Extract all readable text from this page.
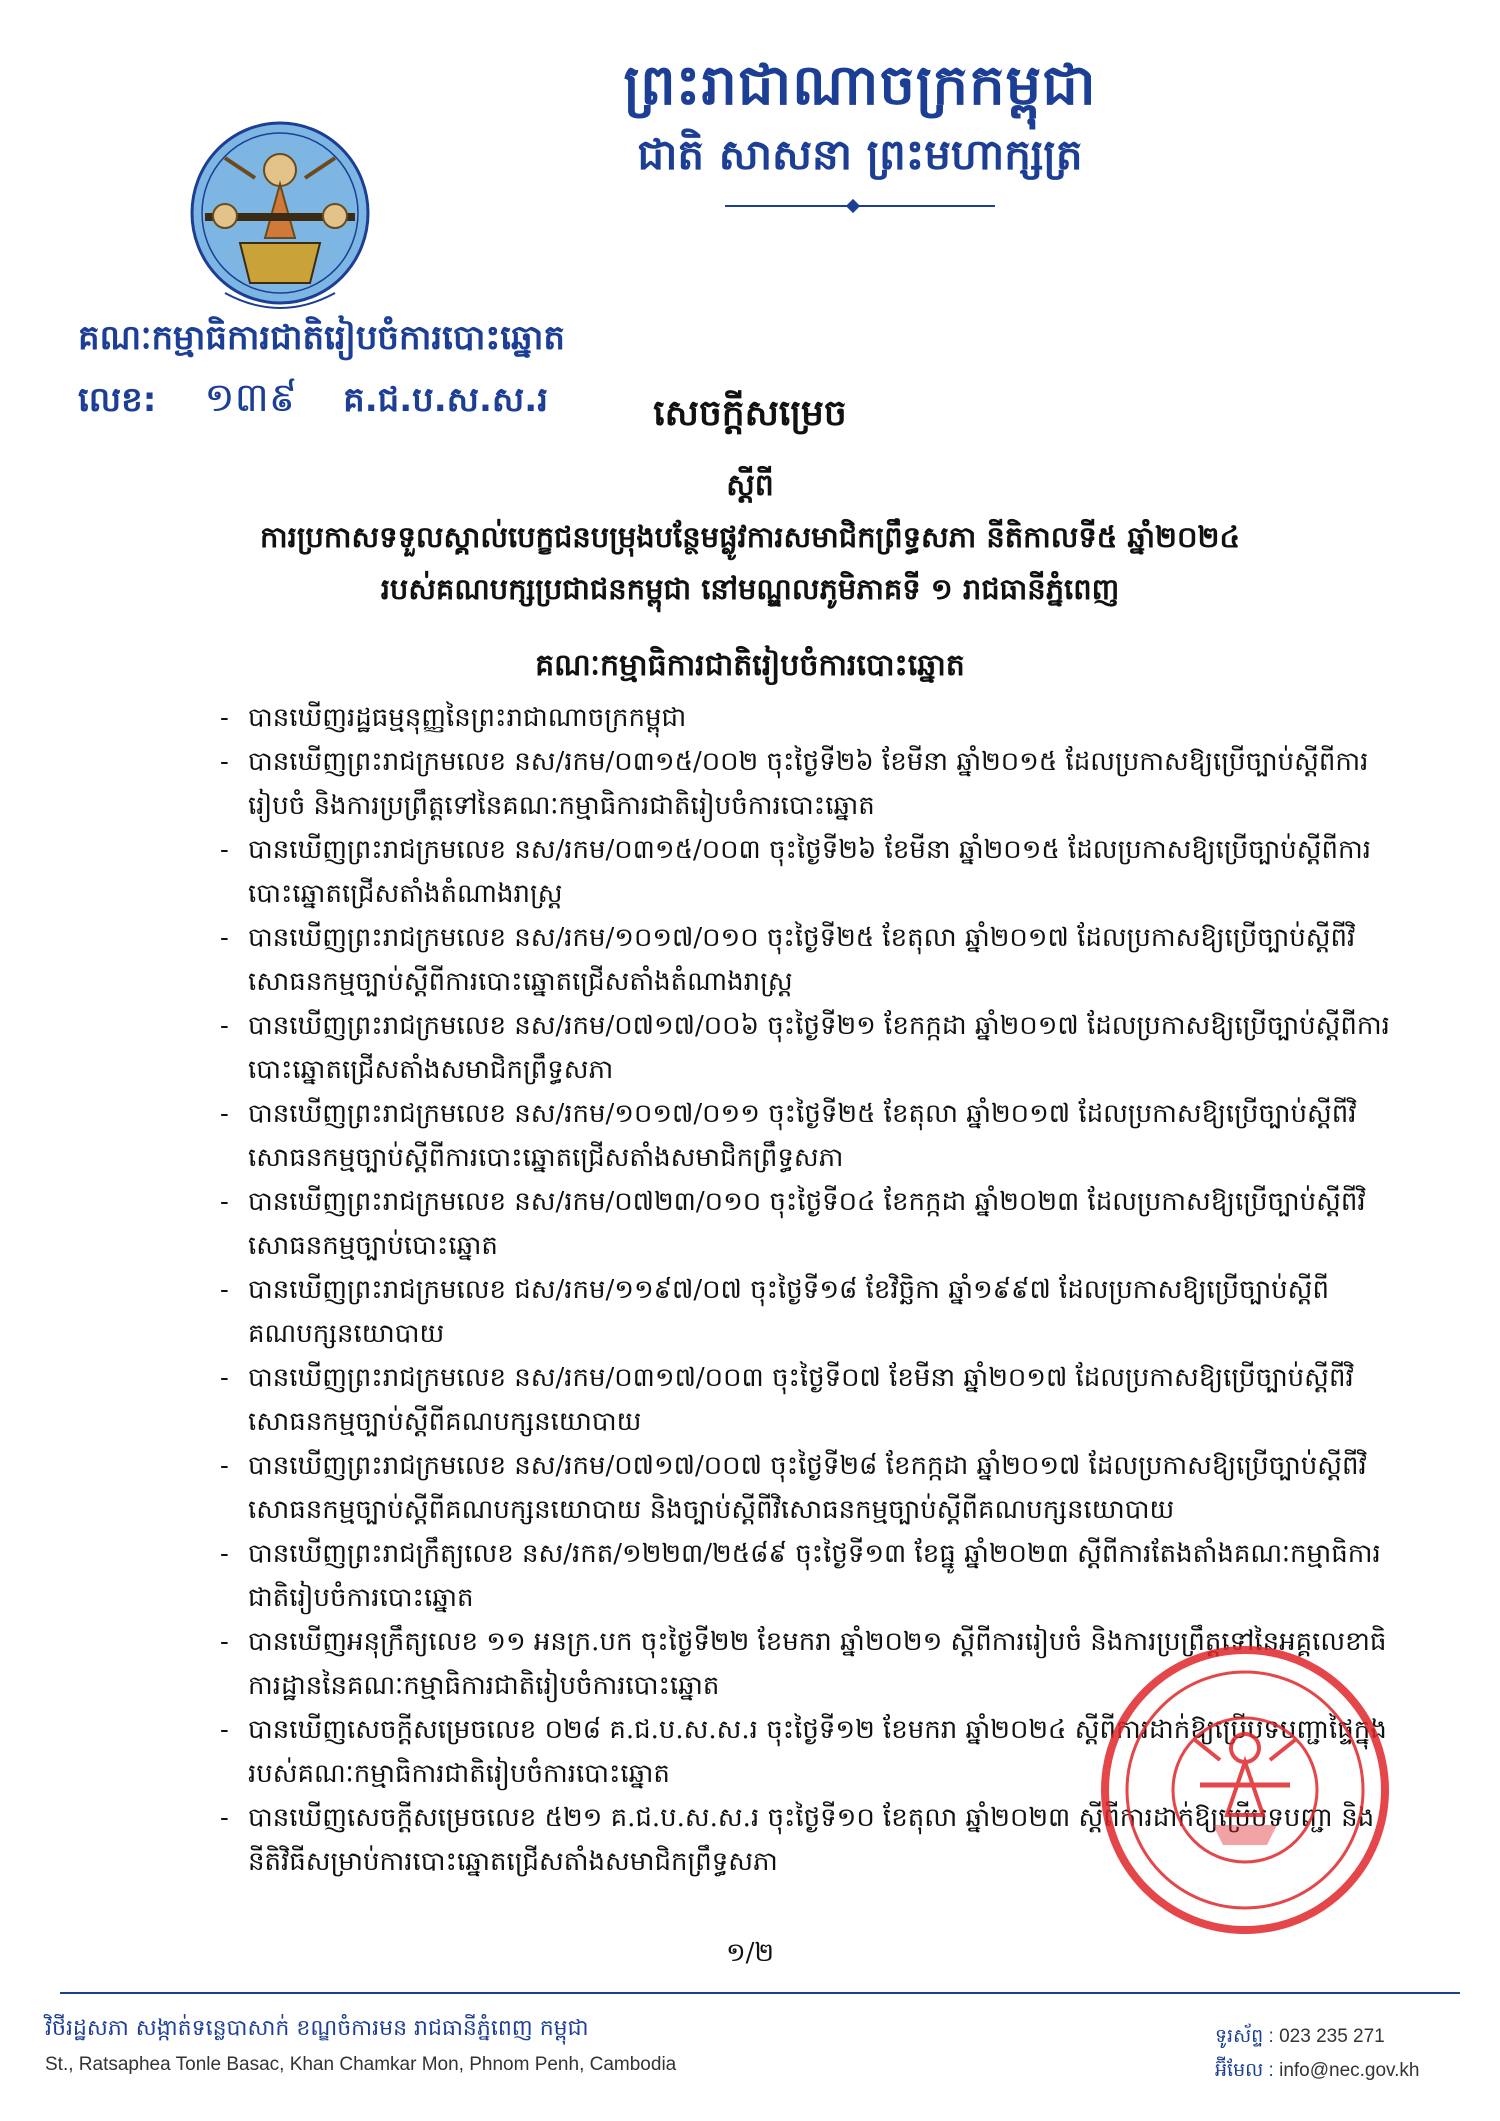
ព្រះរាជាណាចក្រកម្ពុជា
ជាតិ សាសនា ព្រះមហាក្សត្រ
គណៈកម្មាធិការជាតិរៀបចំការបោះឆ្នោត
លេខ: ១៣៩ គ.ជ.ប.ស.ស.រ	សេចក្តីសម្រេច
ស្តីពី
ការប្រកាសទទួលស្គាល់បេក្ខជនបម្រុងបន្ថែមផ្លូវការសមាជិកព្រឹទ្ធសភា នីតិកាលទី៥ ឆ្នាំ២០២៤
របស់គណបក្សប្រជាជនកម្ពុជា នៅមណ្ឌលភូមិភាគទី ១ រាជធានីភ្នំពេញ
គណៈកម្មាធិការជាតិរៀបចំការបោះឆ្នោត
- បានឃើញរដ្ឋធម្មនុញ្ញនៃព្រះរាជាណាចក្រកម្ពុជា
- បានឃើញព្រះរាជក្រមលេខ នស/រកម/០៣១៥/០០២ ចុះថ្ងៃទី២៦ ខែមីនា ឆ្នាំ២០១៥ ដែលប្រកាសឱ្យប្រើច្បាប់ស្តីពីការរៀបចំ និងការប្រព្រឹត្តទៅនៃគណៈកម្មាធិការជាតិរៀបចំការបោះឆ្នោត
- បានឃើញព្រះរាជក្រមលេខ នស/រកម/០៣១៥/០០៣ ចុះថ្ងៃទី២៦ ខែមីនា ឆ្នាំ២០១៥ ដែលប្រកាសឱ្យប្រើច្បាប់ស្តីពីការបោះឆ្នោតជ្រើសតាំងតំណាងរាស្ត្រ
- បានឃើញព្រះរាជក្រមលេខ នស/រកម/១០១៧/០១០ ចុះថ្ងៃទី២៥ ខែតុលា ឆ្នាំ២០១៧ ដែលប្រកាសឱ្យប្រើច្បាប់ស្តីពីវិសោធនកម្មច្បាប់ស្តីពីការបោះឆ្នោតជ្រើសតាំងតំណាងរាស្ត្រ
- បានឃើញព្រះរាជក្រមលេខ នស/រកម/០៧១៧/០០៦ ចុះថ្ងៃទី២១ ខែកក្កដា ឆ្នាំ២០១៧ ដែលប្រកាសឱ្យប្រើច្បាប់ស្តីពីការបោះឆ្នោតជ្រើសតាំងសមាជិកព្រឹទ្ធសភា
- បានឃើញព្រះរាជក្រមលេខ នស/រកម/១០១៧/០១១ ចុះថ្ងៃទី២៥ ខែតុលា ឆ្នាំ២០១៧ ដែលប្រកាសឱ្យប្រើច្បាប់ស្តីពីវិសោធនកម្មច្បាប់ស្តីពីការបោះឆ្នោតជ្រើសតាំងសមាជិកព្រឹទ្ធសភា
- បានឃើញព្រះរាជក្រមលេខ នស/រកម/០៧២៣/០១០ ចុះថ្ងៃទី០៤ ខែកក្កដា ឆ្នាំ២០២៣ ដែលប្រកាសឱ្យប្រើច្បាប់ស្តីពីវិសោធនកម្មច្បាប់បោះឆ្នោត
- បានឃើញព្រះរាជក្រមលេខ ជស/រកម/១១៩៧/០៧ ចុះថ្ងៃទី១៨ ខែវិច្ឆិកា ឆ្នាំ១៩៩៧ ដែលប្រកាសឱ្យប្រើច្បាប់ស្តីពីគណបក្សនយោបាយ
- បានឃើញព្រះរាជក្រមលេខ នស/រកម/០៣១៧/០០៣ ចុះថ្ងៃទី០៧ ខែមីនា ឆ្នាំ២០១៧ ដែលប្រកាសឱ្យប្រើច្បាប់ស្តីពីវិសោធនកម្មច្បាប់ស្តីពីគណបក្សនយោបាយ
- បានឃើញព្រះរាជក្រមលេខ នស/រកម/០៧១៧/០០៧ ចុះថ្ងៃទី២៨ ខែកក្កដា ឆ្នាំ២០១៧ ដែលប្រកាសឱ្យប្រើច្បាប់ស្តីពីវិសោធនកម្មច្បាប់ស្តីពីគណបក្សនយោបាយ និងច្បាប់ស្តីពីវិសោធនកម្មច្បាប់ស្តីពីគណបក្សនយោបាយ
- បានឃើញព្រះរាជក្រឹត្យលេខ នស/រកត/១២២៣/២៥៨៩ ចុះថ្ងៃទី១៣ ខែធ្នូ ឆ្នាំ២០២៣ ស្តីពីការតែងតាំងគណៈកម្មាធិការជាតិរៀបចំការបោះឆ្នោត
- បានឃើញអនុក្រឹត្យលេខ ១១ អនក្រ.បក ចុះថ្ងៃទី២២ ខែមករា ឆ្នាំ២០២១ ស្តីពីការរៀបចំ និងការប្រព្រឹត្តទៅនៃអគ្គលេខាធិការដ្ឋាននៃគណៈកម្មាធិការជាតិរៀបចំការបោះឆ្នោត
- បានឃើញសេចក្តីសម្រេចលេខ ០២៨ គ.ជ.ប.ស.ស.រ ចុះថ្ងៃទី១២ ខែមករា ឆ្នាំ២០២៤ ស្តីពីការដាក់ឱ្យប្រើបទបញ្ជាផ្ទៃក្នុងរបស់គណៈកម្មាធិការជាតិរៀបចំការបោះឆ្នោត
- បានឃើញសេចក្តីសម្រេចលេខ ៥២១ គ.ជ.ប.ស.ស.រ ចុះថ្ងៃទី១០ ខែតុលា ឆ្នាំ២០២៣ ស្តីពីការដាក់ឱ្យប្រើបទបញ្ជា និងនីតិវិធីសម្រាប់ការបោះឆ្នោតជ្រើសតាំងសមាជិកព្រឹទ្ធសភា
១/២
វិថីរដ្ឋសភា សង្កាត់ទន្លេបាសាក់ ខណ្ឌចំការមន រាជធានីភ្នំពេញ កម្ពុជា
St., Ratsaphea Tonle Basac, Khan Chamkar Mon, Phnom Penh, Cambodia
ទូរស័ព្ទ : 023 235 271
អ៊ីមែល : info@nec.gov.kh
